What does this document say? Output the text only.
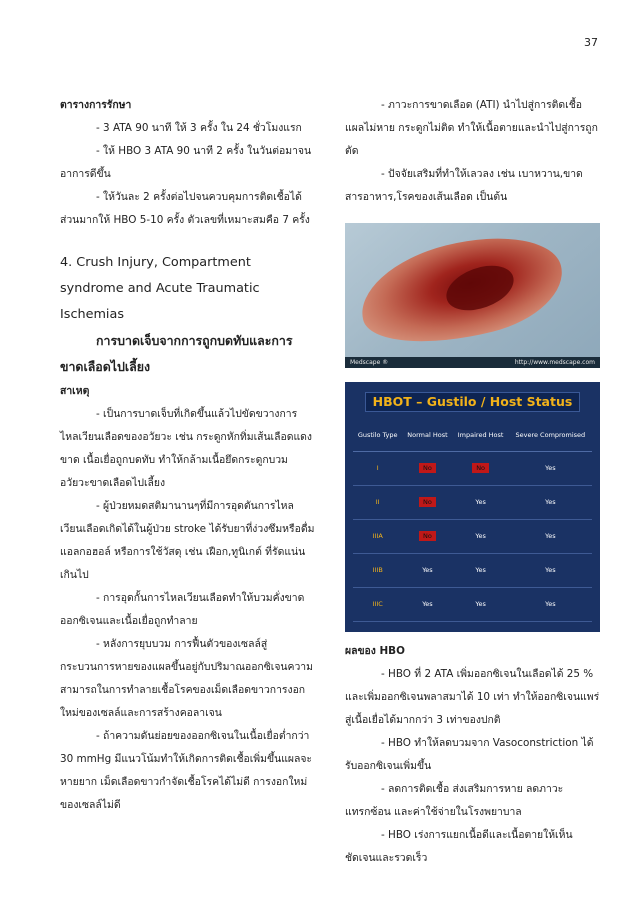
37
ตารางการรักษา
- 3 ATA 90 นาที ให้ 3 ครั้ง ใน 24 ชั่วโมงแรก
- ให้ HBO 3 ATA 90 นาที 2 ครั้ง ในวันต่อมาจนอาการดีขึ้น
- ให้วันละ 2 ครั้งต่อไปจนควบคุมการติดเชื้อได้ ส่วนมากให้ HBO 5-10 ครั้ง ตัวเลขที่เหมาะสมคือ 7 ครั้ง
4. Crush Injury, Compartment syndrome and Acute Traumatic Ischemias
การบาดเจ็บจากการถูกบดทับและการขาดเลือดไปเลี้ยง
สาเหตุ
- เป็นการบาดเจ็บที่เกิดขึ้นแล้วไปขัดขวางการไหลเวียนเลือดของอวัยวะ เช่น กระดูกหักทิ่มเส้นเลือดแดงขาด เนื้อเยื่อถูกบดทับ ทำให้กล้ามเนื้อยึดกระดูกบวม อวัยวะขาดเลือดไปเลี้ยง
- ผู้ป่วยหมดสติมานานๆที่มีการอุดตันการไหลเวียนเลือดเกิดได้ในผู้ป่วย stroke ได้รับยาที่ง่วงซึมหรือดื่มแอลกอฮอล์ หรือการใช้วัสดุ เช่น เฝือก,ทูนิเกต์ ที่รัดแน่นเกินไป
- การอุดกั้นการไหลเวียนเลือดทำให้บวมคั่งขาดออกซิเจนและเนื้อเยื่อถูกทำลาย
- หลังการยุบบวม การฟื้นตัวของเซลล์สู่กระบวนการหายของแผลขึ้นอยู่กับปริมาณออกซิเจนความสามารถในการทำลายเชื้อโรคของเม็ดเลือดขาวการงอกใหม่ของเซลล์และการสร้างคอลาเจน
- ถ้าความดันย่อยของออกซิเจนในเนื้อเยื่อต่ำกว่า 30 mmHg มีแนวโน้มทำให้เกิดการติดเชื้อเพิ่มขึ้นแผลจะหายยาก เม็ดเลือดขาวกำจัดเชื้อโรคได้ไม่ดี การงอกใหม่ของเซลล์ไม่ดี
- ภาวะการขาดเลือด (ATI) นำไปสู่การติดเชื้อแผลไม่หาย กระดูกไม่ติด ทำให้เนื้อตายและนำไปสู่การถูกตัด
- ปัจจัยเสริมที่ทำให้เลวลง เช่น เบาหวาน,ขาดสารอาหาร,โรคของเส้นเลือด เป็นต้น
Medscape ®	http://www.medscape.com
HBOT – Gustilo / Host Status
Gustilo Type	Normal Host	Impaired Host	Severe Compromised
I	No	No	Yes
II	No	Yes	Yes
IIIA	No	Yes	Yes
IIIB	Yes	Yes	Yes
IIIC	Yes	Yes	Yes
ผลของ HBO
- HBO ที่ 2 ATA เพิ่มออกซิเจนในเลือดได้ 25 % และเพิ่มออกซิเจนพลาสมาได้ 10 เท่า ทำให้ออกซิเจนแพร่สู่เนื้อเยื่อได้มากกว่า 3 เท่าของปกติ
- HBO ทำให้ลดบวมจาก Vasoconstriction ได้รับออกซิเจนเพิ่มขึ้น
- ลดการติดเชื้อ ส่งเสริมการหาย ลดภาวะแทรกซ้อน และค่าใช้จ่ายในโรงพยาบาล
- HBO เร่งการแยกเนื้อดีและเนื้อตายให้เห็นชัดเจนและรวดเร็ว
